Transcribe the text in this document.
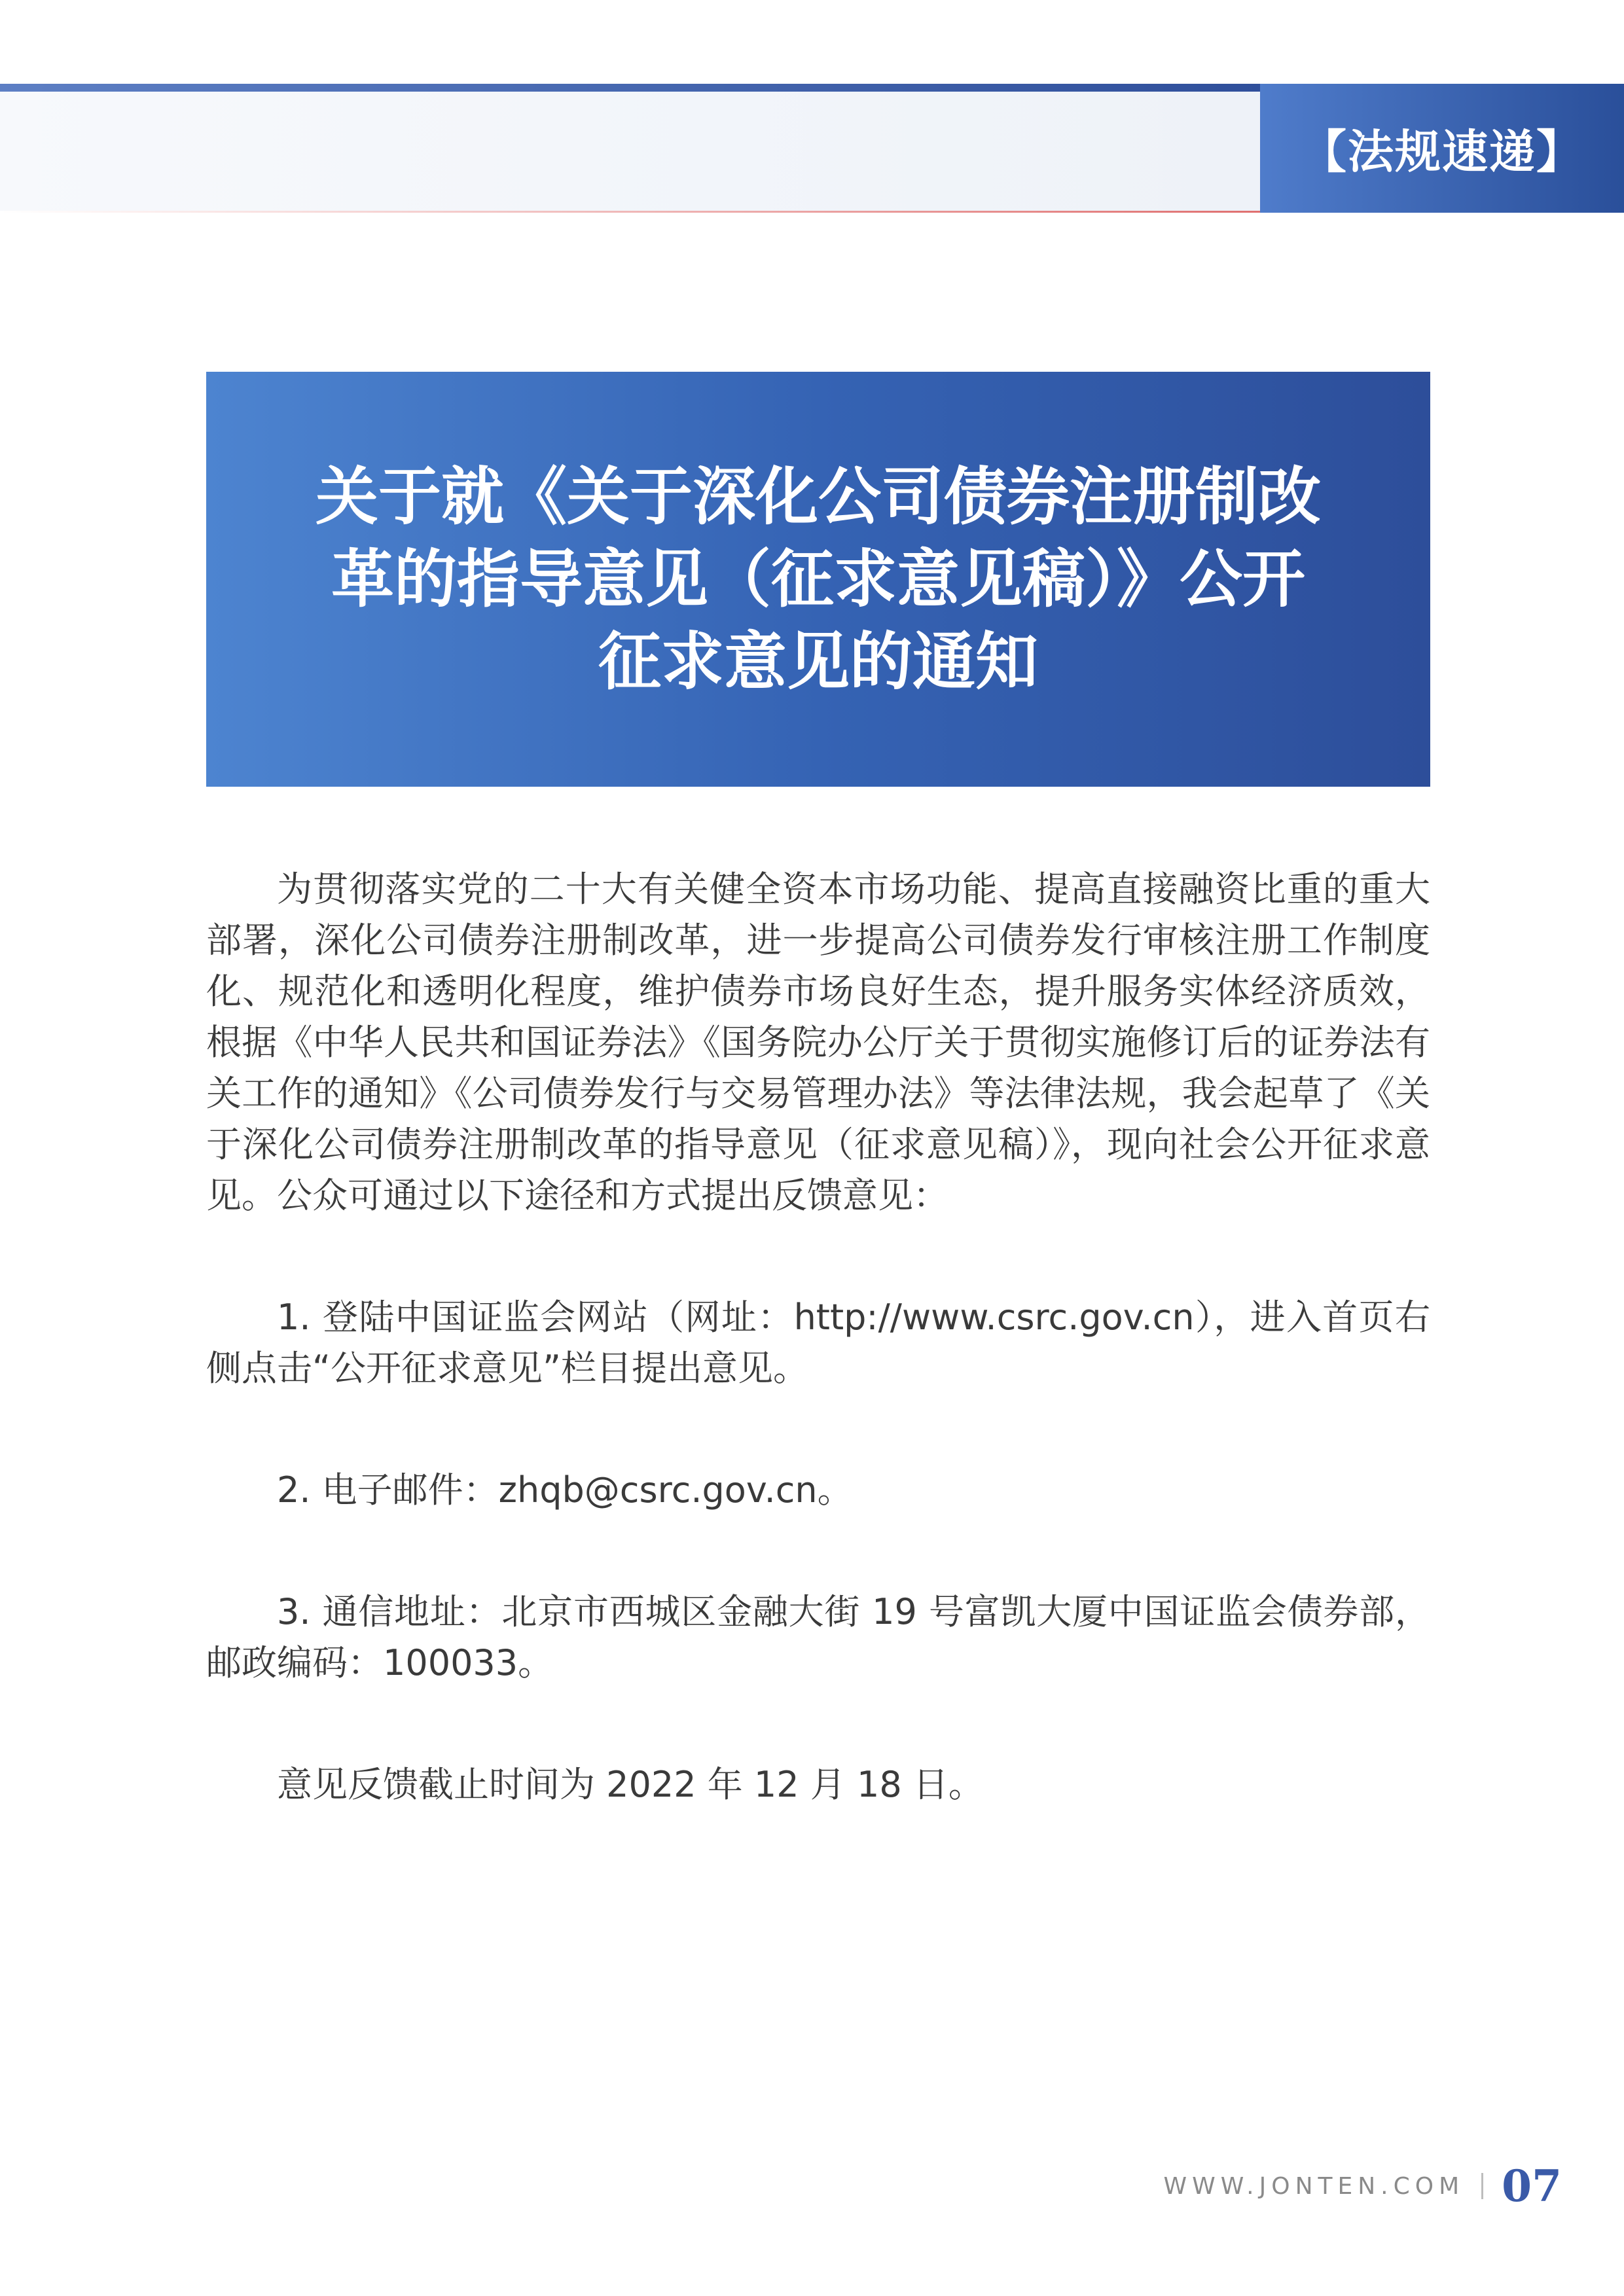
【法规速递】
关于就《关于深化公司债券注册制改
革的指导意见（征求意见稿）》公开
征求意见的通知

为贯彻落实党的二十大有关健全资本市场功能、提高直接融资比重的重大部署，深化公司债券注册制改革，进一步提高公司债券发行审核注册工作制度化、规范化和透明化程度，维护债券市场良好生态，提升服务实体经济质效，根据《中华人民共和国证券法》《国务院办公厅关于贯彻实施修订后的证券法有关工作的通知》《公司债券发行与交易管理办法》等法律法规，我会起草了《关于深化公司债券注册制改革的指导意见（征求意见稿）》，现向社会公开征求意见。公众可通过以下途径和方式提出反馈意见：

1. 登陆中国证监会网站（网址：http://www.csrc.gov.cn），进入首页右侧点击“公开征求意见”栏目提出意见。

2. 电子邮件：zhqb@csrc.gov.cn。

3. 通信地址：北京市西城区金融大街 19 号富凯大厦中国证监会债券部，邮政编码：100033。

意见反馈截止时间为 2022 年 12 月 18 日。

WWW.JONTEN.COM 07
